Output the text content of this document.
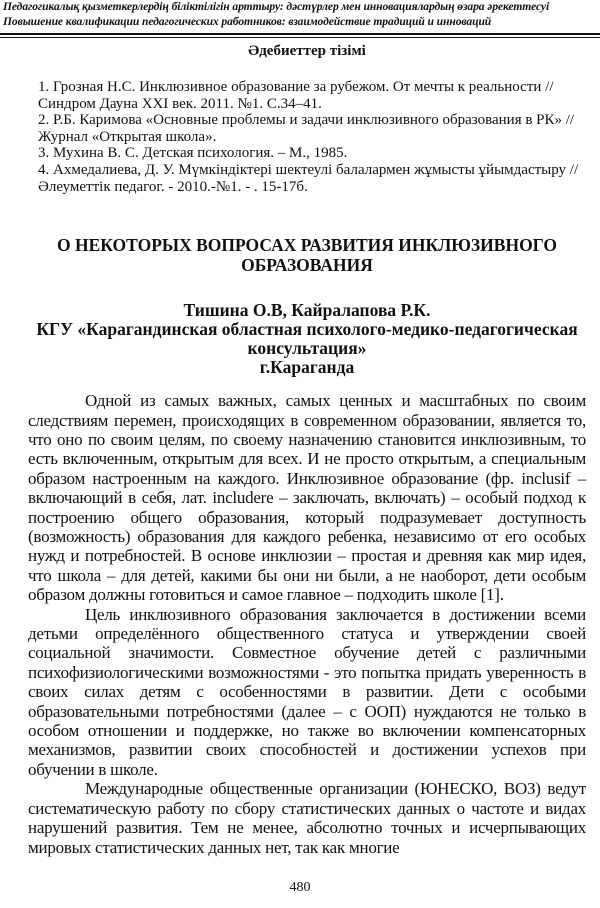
Педагогикалық қызметкерлердің біліктілігін арттыру: дәстүрлер мен инновациялардың өзара әрекеттесуі
Повышение квалификации педагогических работников: взаимодействие традиций и инноваций
Әдебиеттер тізімі
1. Грозная Н.С. Инклюзивное образование за рубежом. От мечты к реальности // Синдром Дауна XXI век. 2011. №1. С.34–41.
2. Р.Б. Каримова «Основные проблемы и задачи инклюзивного образования в РК» // Журнал «Открытая школа».
3. Мухина В. С. Детская психология. – М., 1985.
4. Ахмедалиева, Д. У. Мүмкіндіктері шектеулі балалармен жұмысты ұйымдастыру // Әлеуметтік педагог. - 2010.-№1. - . 15-17б.
О НЕКОТОРЫХ ВОПРОСАХ РАЗВИТИЯ ИНКЛЮЗИВНОГО ОБРАЗОВАНИЯ
Тишина О.В, Кайралапова Р.К.
КГУ «Карагандинская областная психолого-медико-педагогическая консультация»
г.Караганда

Одной из самых важных, самых ценных и масштабных по своим следствиям перемен, происходящих в современном образовании, является то, что оно по своим целям, по своему назначению становится инклюзивным, то есть включенным, открытым для всех. И не просто открытым, а специальным образом настроенным на каждого. Инклюзивное образование (фр. inclusif – включающий в себя, лат. includere – заключать, включать) – особый подход к построению общего образования, который подразумевает доступность (возможность) образования для каждого ребенка, независимо от его особых нужд и потребностей. В основе инклюзии – простая и древняя как мир идея, что школа – для детей, какими бы они ни были, а не наоборот, дети особым образом должны готовиться и самое главное – подходить школе [1].

Цель инклюзивного образования заключается в достижении всеми детьми определённого общественного статуса и утверждении своей социальной значимости. Совместное обучение детей с различными психофизиологическими возможностями - это попытка придать уверенность в своих силах детям с особенностями в развитии. Дети с особыми образовательными потребностями (далее – с ООП) нуждаются не только в особом отношении и поддержке, но также во включении компенсаторных механизмов, развитии своих способностей и достижении успехов при обучении в школе.

Международные общественные организации (ЮНЕСКО, ВОЗ) ведут систематическую работу по сбору статистических данных о частоте и видах нарушений развития. Тем не менее, абсолютно точных и исчерпывающих мировых статистических данных нет, так как многие

480
